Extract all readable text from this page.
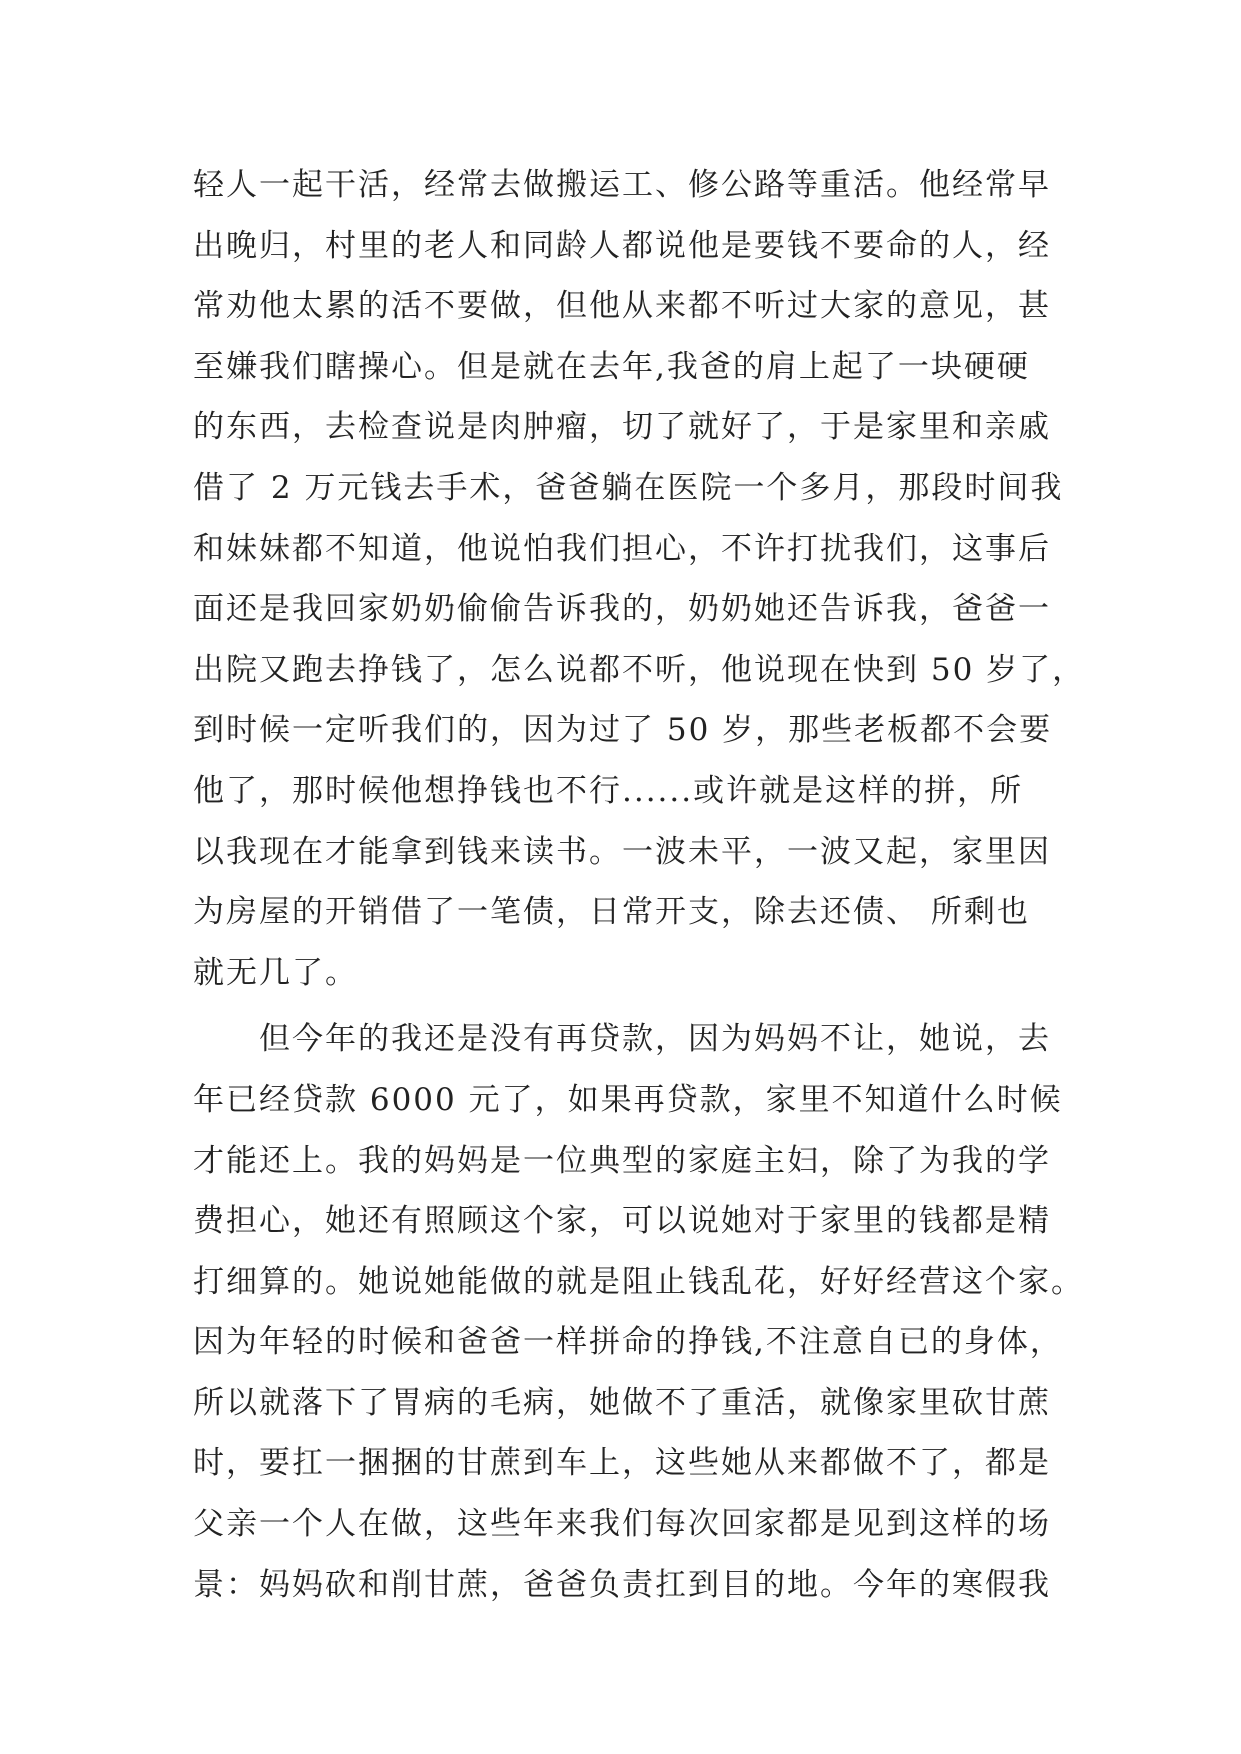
轻人一起干活，经常去做搬运工、修公路等重活。他经常早
出晚归，村里的老人和同龄人都说他是要钱不要命的人，经
常劝他太累的活不要做，但他从来都不听过大家的意见，甚
至嫌我们瞎操心。但是就在去年,我爸的肩上起了一块硬硬
的东西，去检查说是肉肿瘤，切了就好了，于是家里和亲戚
借了 2 万元钱去手术，爸爸躺在医院一个多月，那段时间我
和妹妹都不知道，他说怕我们担心，不许打扰我们，这事后
面还是我回家奶奶偷偷告诉我的，奶奶她还告诉我，爸爸一
出院又跑去挣钱了，怎么说都不听，他说现在快到 50 岁了，
到时候一定听我们的，因为过了 50 岁，那些老板都不会要
他了，那时候他想挣钱也不行......或许就是这样的拼，所
以我现在才能拿到钱来读书。一波未平，一波又起，家里因
为房屋的开销借了一笔债，日常开支，除去还债、 所剩也
就无几了。
但今年的我还是没有再贷款，因为妈妈不让，她说，去
年已经贷款 6000 元了，如果再贷款，家里不知道什么时候
才能还上。我的妈妈是一位典型的家庭主妇，除了为我的学
费担心，她还有照顾这个家，可以说她对于家里的钱都是精
打细算的。她说她能做的就是阻止钱乱花，好好经营这个家。
因为年轻的时候和爸爸一样拼命的挣钱,不注意自已的身体，
所以就落下了胃病的毛病，她做不了重活，就像家里砍甘蔗
时，要扛一捆捆的甘蔗到车上，这些她从来都做不了，都是
父亲一个人在做，这些年来我们每次回家都是见到这样的场
景：妈妈砍和削甘蔗，爸爸负责扛到目的地。今年的寒假我
